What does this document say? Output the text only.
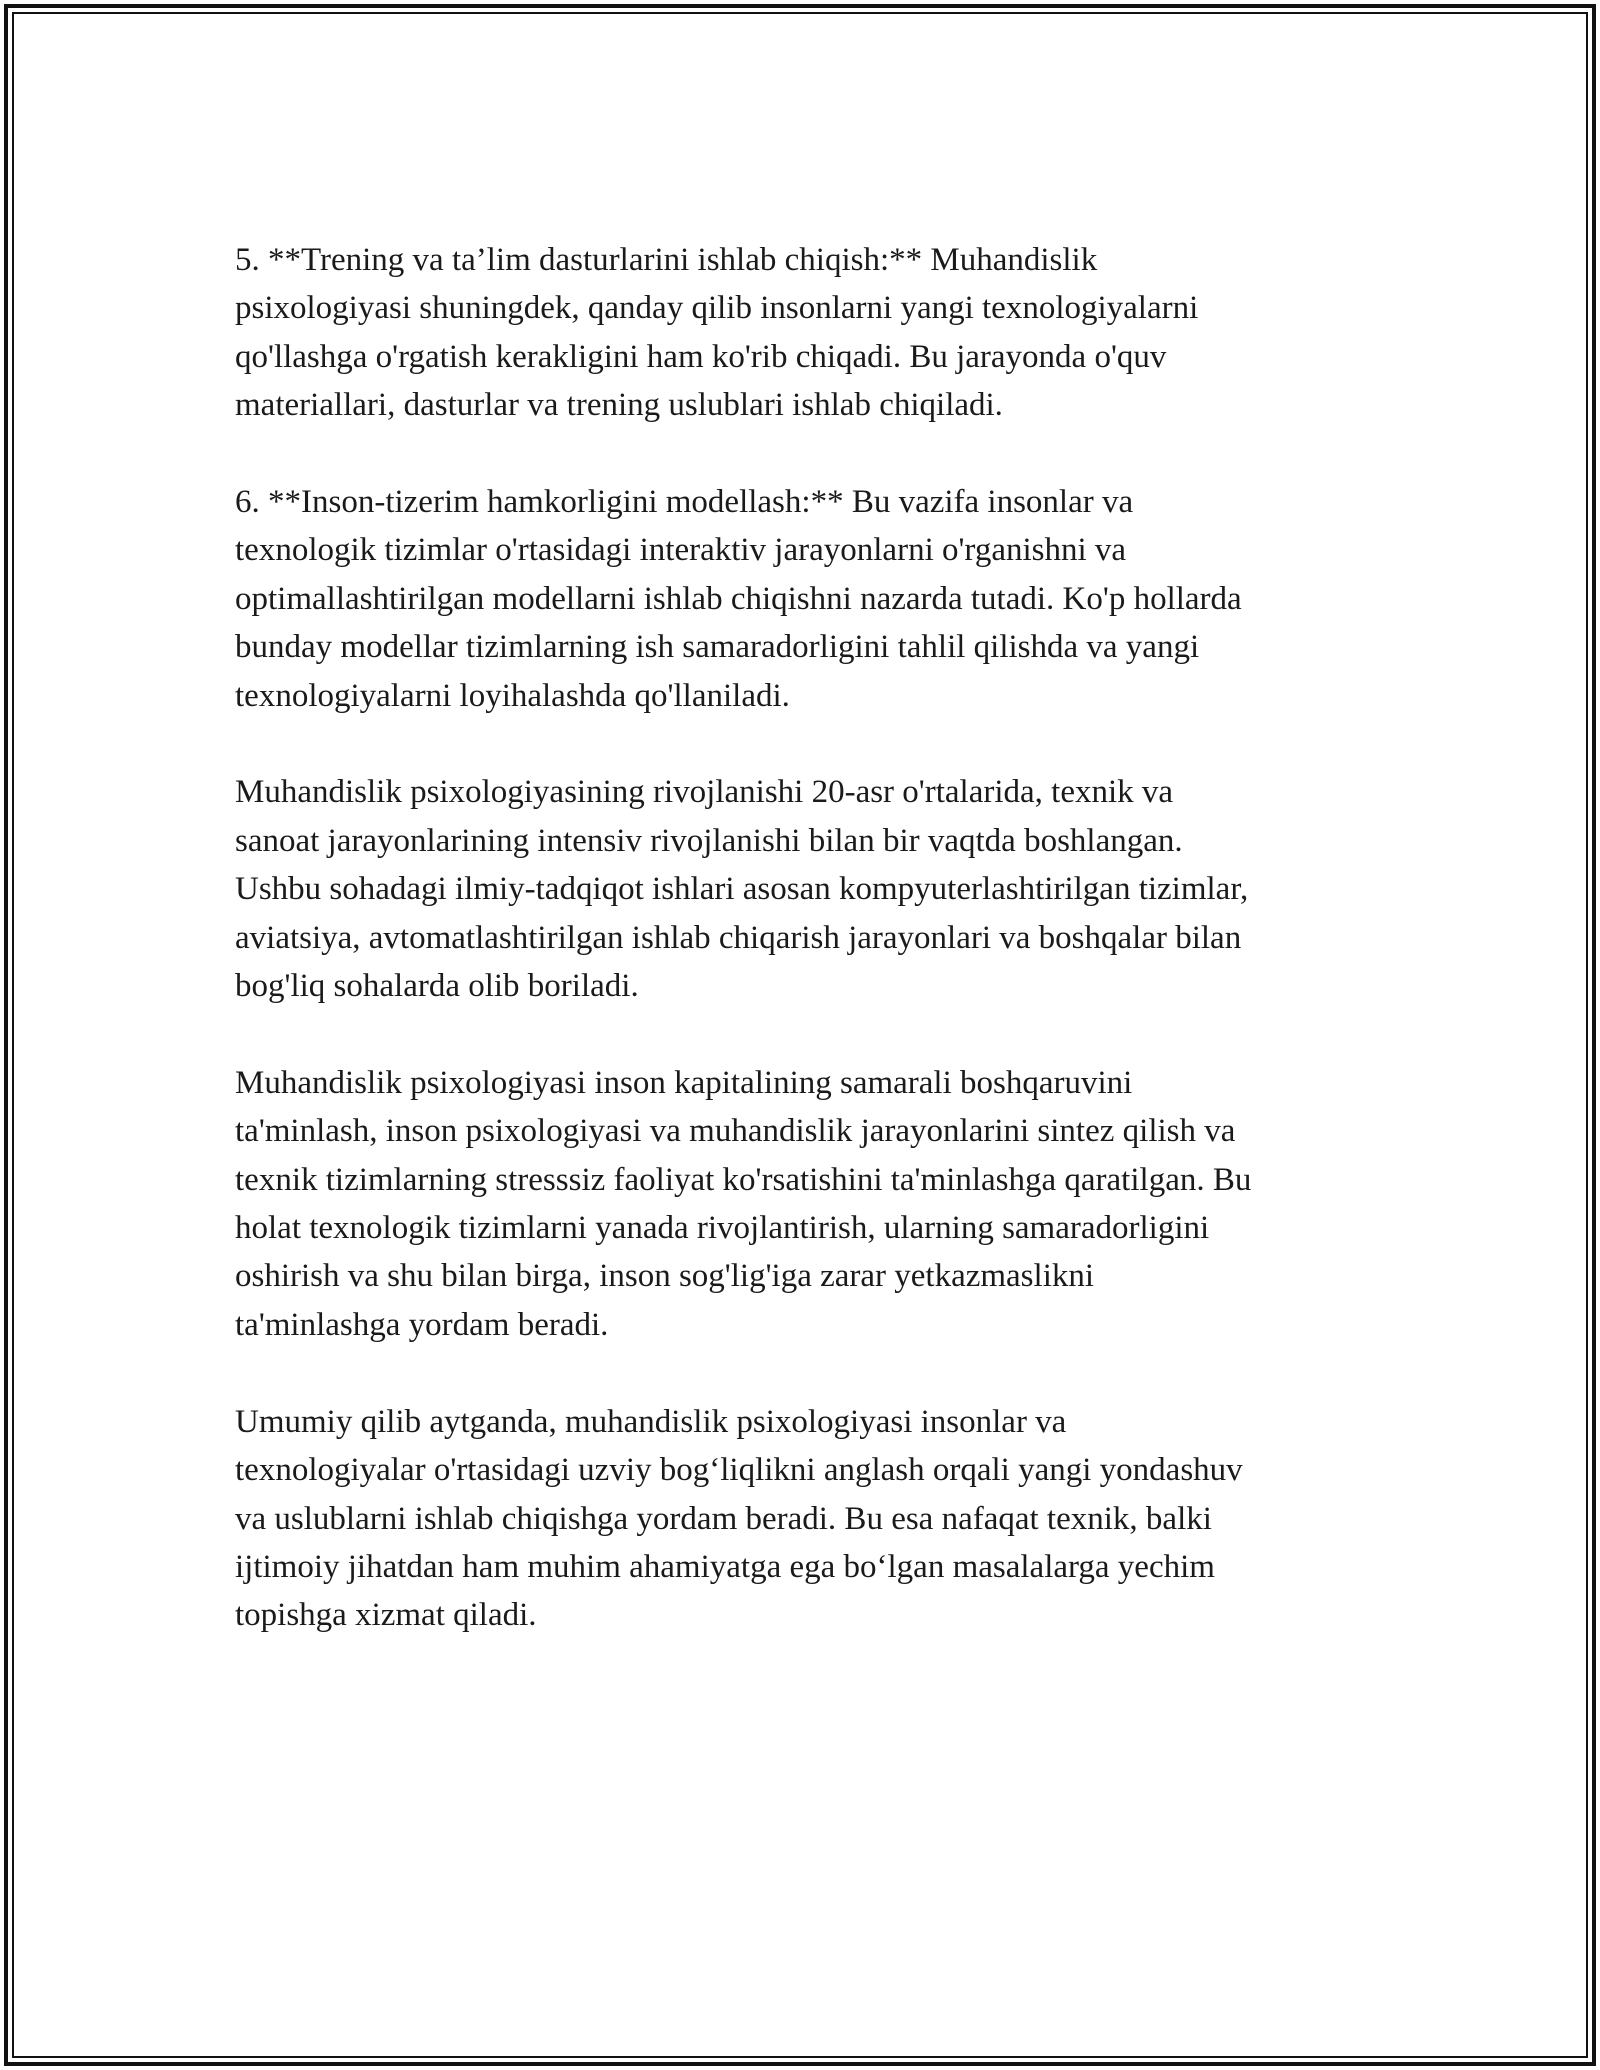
5. **Trening va ta’lim dasturlarini ishlab chiqish:** Muhandislik
psixologiyasi shuningdek, qanday qilib insonlarni yangi texnologiyalarni
qo'llashga o'rgatish kerakligini ham ko'rib chiqadi. Bu jarayonda o'quv
materiallari, dasturlar va trening uslublari ishlab chiqiladi.

6. **Inson-tizerim hamkorligini modellash:** Bu vazifa insonlar va
texnologik tizimlar o'rtasidagi interaktiv jarayonlarni o'rganishni va
optimallashtirilgan modellarni ishlab chiqishni nazarda tutadi. Ko'p hollarda
bunday modellar tizimlarning ish samaradorligini tahlil qilishda va yangi
texnologiyalarni loyihalashda qo'llaniladi.

Muhandislik psixologiyasining rivojlanishi 20-asr o'rtalarida, texnik va
sanoat jarayonlarining intensiv rivojlanishi bilan bir vaqtda boshlangan.
Ushbu sohadagi ilmiy-tadqiqot ishlari asosan kompyuterlashtirilgan tizimlar,
aviatsiya, avtomatlashtirilgan ishlab chiqarish jarayonlari va boshqalar bilan
bog'liq sohalarda olib boriladi.

Muhandislik psixologiyasi inson kapitalining samarali boshqaruvini
ta'minlash, inson psixologiyasi va muhandislik jarayonlarini sintez qilish va
texnik tizimlarning stresssiz faoliyat ko'rsatishini ta'minlashga qaratilgan. Bu
holat texnologik tizimlarni yanada rivojlantirish, ularning samaradorligini
oshirish va shu bilan birga, inson sog'lig'iga zarar yetkazmaslikni
ta'minlashga yordam beradi.

Umumiy qilib aytganda, muhandislik psixologiyasi insonlar va
texnologiyalar o'rtasidagi uzviy bog‘liqlikni anglash orqali yangi yondashuv
va uslublarni ishlab chiqishga yordam beradi. Bu esa nafaqat texnik, balki
ijtimoiy jihatdan ham muhim ahamiyatga ega bo‘lgan masalalarga yechim
topishga xizmat qiladi.
